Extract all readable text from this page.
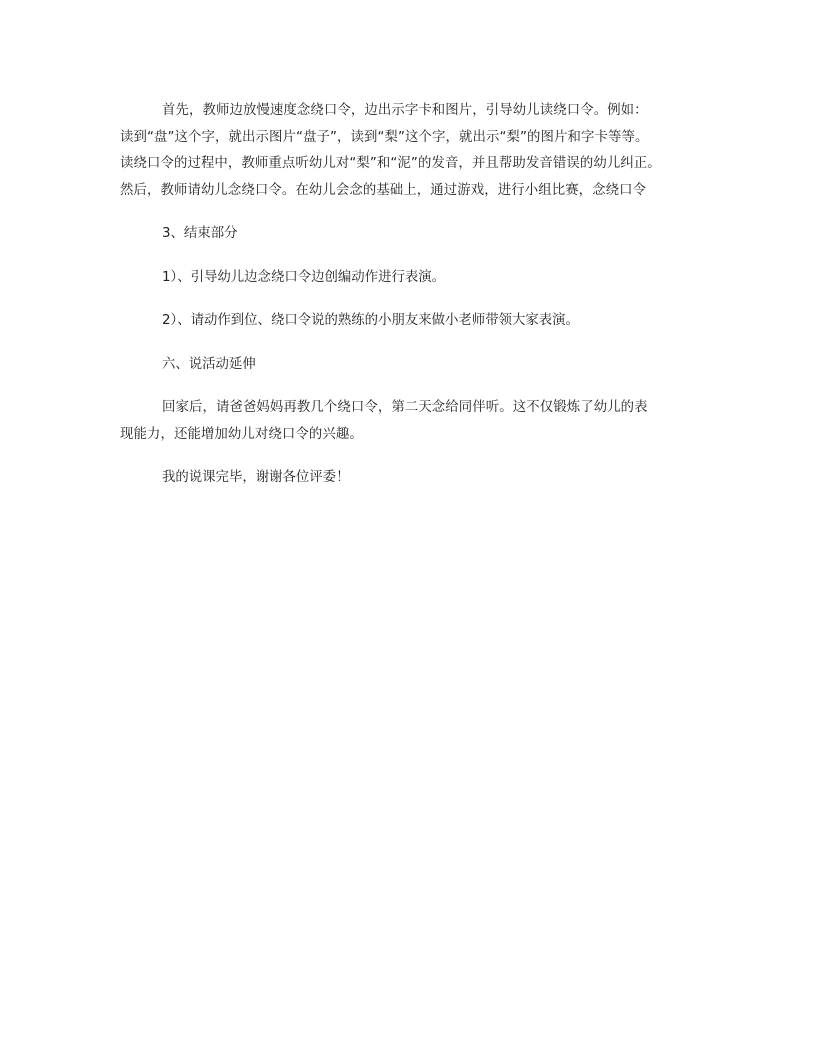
首先，教师边放慢速度念绕口令，边出示字卡和图片，引导幼儿读绕口令。例如：
读到“盘”这个字，就出示图片“盘子”，读到“梨”这个字，就出示“梨”的图片和字卡等等。
读绕口令的过程中，教师重点听幼儿对“梨”和“泥”的发音，并且帮助发音错误的幼儿纠正。
然后，教师请幼儿念绕口令。在幼儿会念的基础上，通过游戏，进行小组比赛，念绕口令
3、结束部分
1）、引导幼儿边念绕口令边创编动作进行表演。
2）、请动作到位、绕口令说的熟练的小朋友来做小老师带领大家表演。
六、说活动延伸
回家后，请爸爸妈妈再教几个绕口令，第二天念给同伴听。这不仅锻炼了幼儿的表
现能力，还能增加幼儿对绕口令的兴趣。
我的说课完毕，谢谢各位评委！
